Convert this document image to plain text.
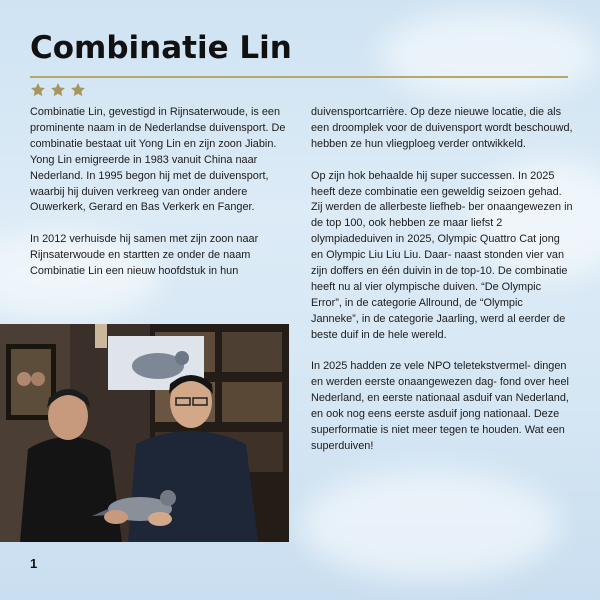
Combinatie Lin

Combinatie Lin, gevestigd in Rijnsaterwoude, is een prominente naam in de Nederlandse duivensport. De combinatie bestaat uit Yong Lin en zijn zoon Jiabin. Yong Lin emigreerde in 1983 vanuit China naar Nederland. In 1995 begon hij met de duivensport, waarbij hij duiven verkreeg van onder andere Ouwerkerk, Gerard en Bas Verkerk en Fanger.

In 2012 verhuisde hij samen met zijn zoon naar Rijnsaterwoude en startten ze onder de naam Combinatie Lin een nieuw hoofdstuk in hun

duivensportcarrière. Op deze nieuwe locatie, die als een droomplek voor de duivensport wordt beschouwd, hebben ze hun vliegploeg verder ontwikkeld.

Op zijn hok behaalde hij super successen. In 2025 heeft deze combinatie een geweldig seizoen gehad. Zij werden de allerbeste liefheb- ber onaangewezen in de top 100, ook hebben ze maar liefst 2 olympiadeduiven in 2025, Olympic Quattro Cat jong en Olympic Liu Liu Liu. Daar- naast stonden vier van zijn doffers en één duivin in de top-10. De combinatie heeft nu al vier olympische duiven. “De Olympic Error”, in de categorie Allround, de “Olympic Janneke”, in de categorie Jaarling, werd al eerder de beste duif in de hele wereld.

In 2025 hadden ze vele NPO teletekstvermel- dingen en werden eerste onaangewezen dag- fond over heel Nederland, en eerste nationaal asduif van Nederland, en ook nog eens eerste asduif jong nationaal. Deze superformatie is niet meer tegen te houden. Wat een superduiven!

1
